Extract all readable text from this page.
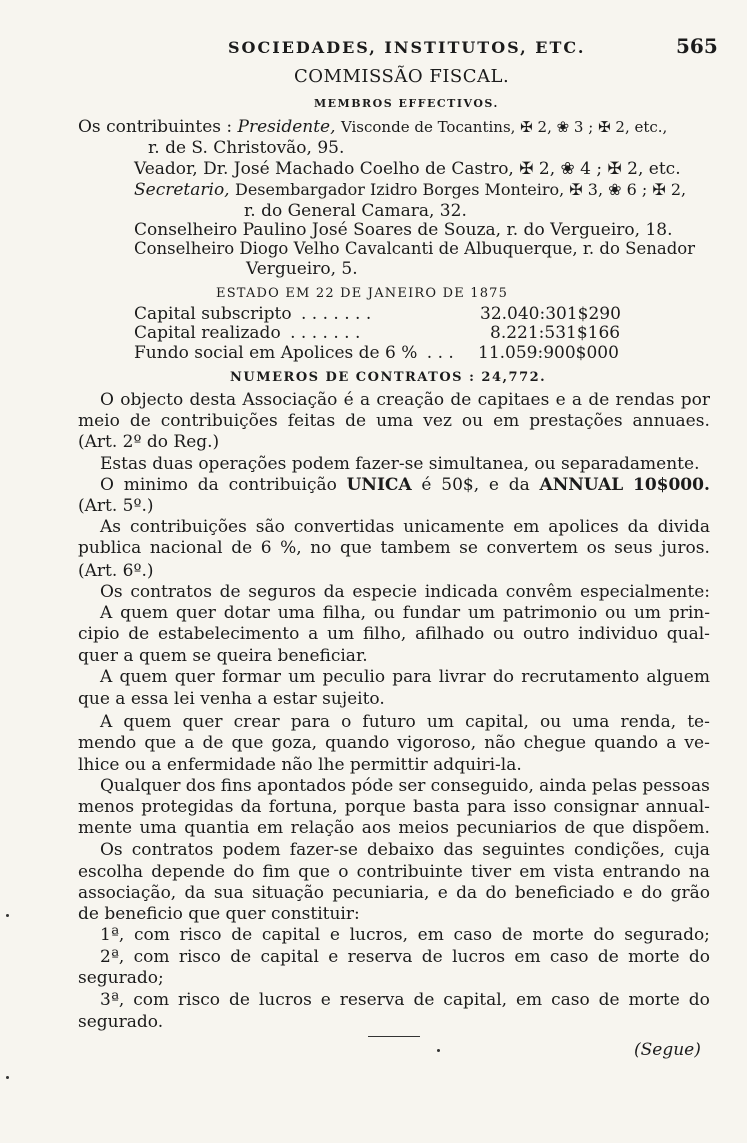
SOCIEDADES, INSTITUTOS, ETC.	565
COMMISSÃO FISCAL.
MEMBROS EFFECTIVOS.
Os contribuintes : Presidente, Visconde de Tocantins, ✠ 2, ❀ 3 ; ✠ 2, etc.,
r. de S. Christovão, 95.
Veador, Dr. José Machado Coelho de Castro, ✠ 2, ❀ 4 ; ✠ 2, etc.
Secretario, Desembargador Izidro Borges Monteiro, ✠ 3, ❀ 6 ; ✠ 2,
r. do General Camara, 32.
Conselheiro Paulino José Soares de Souza, r. do Vergueiro, 18.
Conselheiro Diogo Velho Cavalcanti de Albuquerque, r. do Senador
Vergueiro, 5.
ESTADO EM 22 DE JANEIRO DE 1875
Capital subscripto . . . . . . .	32.040:301$290
Capital realizado . . . . . . .	8.221:531$166
Fundo social em Apolices de 6 % . . . 11.059:900$000
NUMEROS DE CONTRATOS : 24,772.
O objecto desta Associação é a creação de capitaes e a de rendas por
meio de contribuições feitas de uma vez ou em prestações annuaes.
(Art. 2º do Reg.)
Estas duas operações podem fazer-se simultanea, ou separadamente.
O minimo da contribuição UNICA é 50$, e da ANNUAL 10$000.
(Art. 5º.)
As contribuições são convertidas unicamente em apolices da divida
publica nacional de 6 %, no que tambem se convertem os seus juros.
(Art. 6º.)
Os contratos de seguros da especie indicada convêm especialmente:
A quem quer dotar uma filha, ou fundar um patrimonio ou um prin-
cipio de estabelecimento a um filho, afilhado ou outro individuo qual-
quer a quem se queira beneficiar.
A quem quer formar um peculio para livrar do recrutamento alguem
que a essa lei venha a estar sujeito.
A quem quer crear para o futuro um capital, ou uma renda, te-
mendo que a de que goza, quando vigoroso, não chegue quando a ve-
lhice ou a enfermidade não lhe permittir adquiri-la.
Qualquer dos fins apontados póde ser conseguido, ainda pelas pessoas
menos protegidas da fortuna, porque basta para isso consignar annual-
mente uma quantia em relação aos meios pecuniarios de que dispõem.
Os contratos podem fazer-se debaixo das seguintes condições, cuja
escolha depende do fim que o contribuinte tiver em vista entrando na
associação, da sua situação pecuniaria, e da do beneficiado e do grão
de beneficio que quer constituir:
1ª, com risco de capital e lucros, em caso de morte do segurado;
2ª, com risco de capital e reserva de lucros em caso de morte do
segurado;
3ª, com risco de lucros e reserva de capital, em caso de morte do
segurado.
(Segue)
